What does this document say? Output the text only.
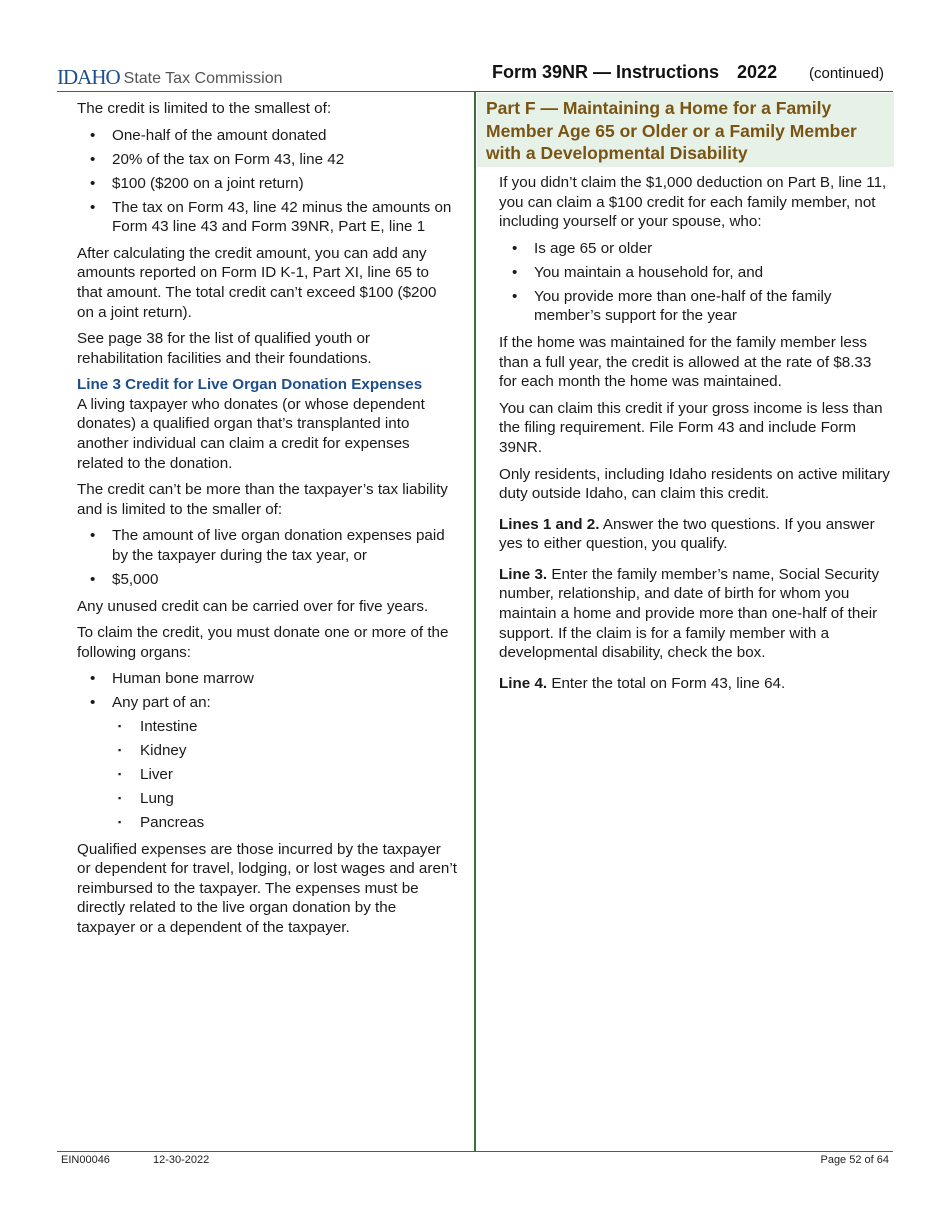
IDAHO State Tax Commission	Form 39NR — Instructions 2022 (continued)

The credit is limited to the smallest of:

• One-half of the amount donated
• 20% of the tax on Form 43, line 42
• $100 ($200 on a joint return)
• The tax on Form 43, line 42 minus the amounts on Form 43 line 43 and Form 39NR, Part E, line 1

After calculating the credit amount, you can add any amounts reported on Form ID K-1, Part XI, line 65 to that amount. The total credit can’t exceed $100 ($200 on a joint return).

See page 38 for the list of qualified youth or rehabilitation facilities and their foundations.

Line 3 Credit for Live Organ Donation Expenses

A living taxpayer who donates (or whose dependent donates) a qualified organ that’s transplanted into another individual can claim a credit for expenses related to the donation.

The credit can’t be more than the taxpayer’s tax liability and is limited to the smaller of:

• The amount of live organ donation expenses paid by the taxpayer during the tax year, or
• $5,000

Any unused credit can be carried over for five years.

To claim the credit, you must donate one or more of the following organs:

• Human bone marrow
• Any part of an:
▪ Intestine
▪ Kidney
▪ Liver
▪ Lung
▪ Pancreas

Qualified expenses are those incurred by the taxpayer or dependent for travel, lodging, or lost wages and aren’t reimbursed to the taxpayer. The expenses must be directly related to the live organ donation by the taxpayer or a dependent of the taxpayer.

Part F — Maintaining a Home for a Family Member Age 65 or Older or a Family Member with a Developmental Disability

If you didn’t claim the $1,000 deduction on Part B, line 11, you can claim a $100 credit for each family member, not including yourself or your spouse, who:

• Is age 65 or older
• You maintain a household for, and
• You provide more than one-half of the family member’s support for the year

If the home was maintained for the family member less than a full year, the credit is allowed at the rate of $8.33 for each month the home was maintained.

You can claim this credit if your gross income is less than the filing requirement. File Form 43 and include Form 39NR.

Only residents, including Idaho residents on active military duty outside Idaho, can claim this credit.

Lines 1 and 2. Answer the two questions. If you answer yes to either question, you qualify.

Line 3. Enter the family member’s name, Social Security number, relationship, and date of birth for whom you maintain a home and provide more than one-half of their support. If the claim is for a family member with a developmental disability, check the box.

Line 4. Enter the total on Form 43, line 64.

EIN00046	12-30-2022	Page 52 of 64
